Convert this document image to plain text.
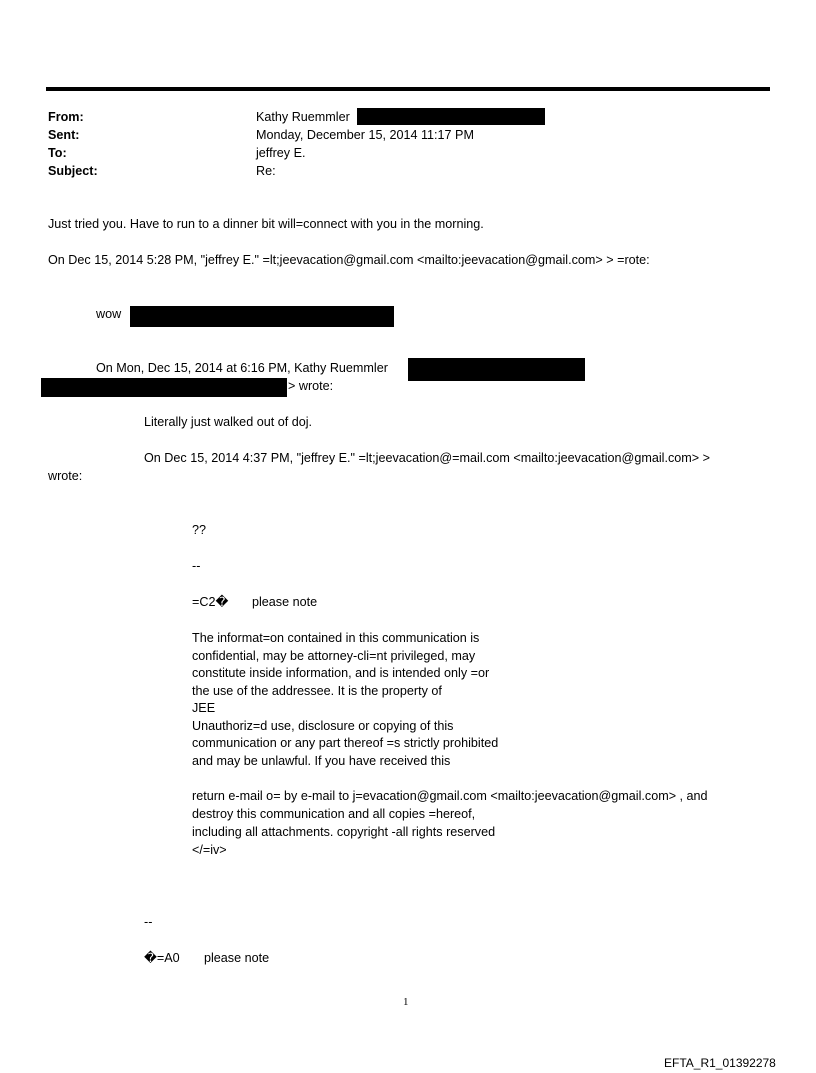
From:
Sent:
To:
Subject:
Kathy Ruemmler
Monday, December 15, 2014 11:17 PM
jeffrey E.
Re:
Just tried you. Have to run to a dinner bit will=connect with you in the morning.
On Dec 15, 2014 5:28 PM, "jeffrey E." =lt;jeevacation@gmail.com <mailto:jeevacation@gmail.com> > =rote:
wow
On Mon, Dec 15, 2014 at 6:16 PM, Kathy Ruemmler
> wrote:
Literally just walked out of doj.
On Dec 15, 2014 4:37 PM, "jeffrey E." =lt;jeevacation@=mail.com <mailto:jeevacation@gmail.com> >
wrote:
??
--
=C2� please note
The informat=on contained in this communication is
confidential, may be attorney-cli=nt privileged, may
constitute inside information, and is intended only =or
the use of the addressee. It is the property of
JEE
Unauthoriz=d use, disclosure or copying of this
communication or any part thereof =s strictly prohibited
and may be unlawful. If you have received this
return e-mail o= by e-mail to j=evacation@gmail.com <mailto:jeevacation@gmail.com> , and
destroy this communication and all copies =hereof,
including all attachments. copyright -all rights reserved
</=iv>
--
�=A0 please note
1
EFTA_R1_01392278
